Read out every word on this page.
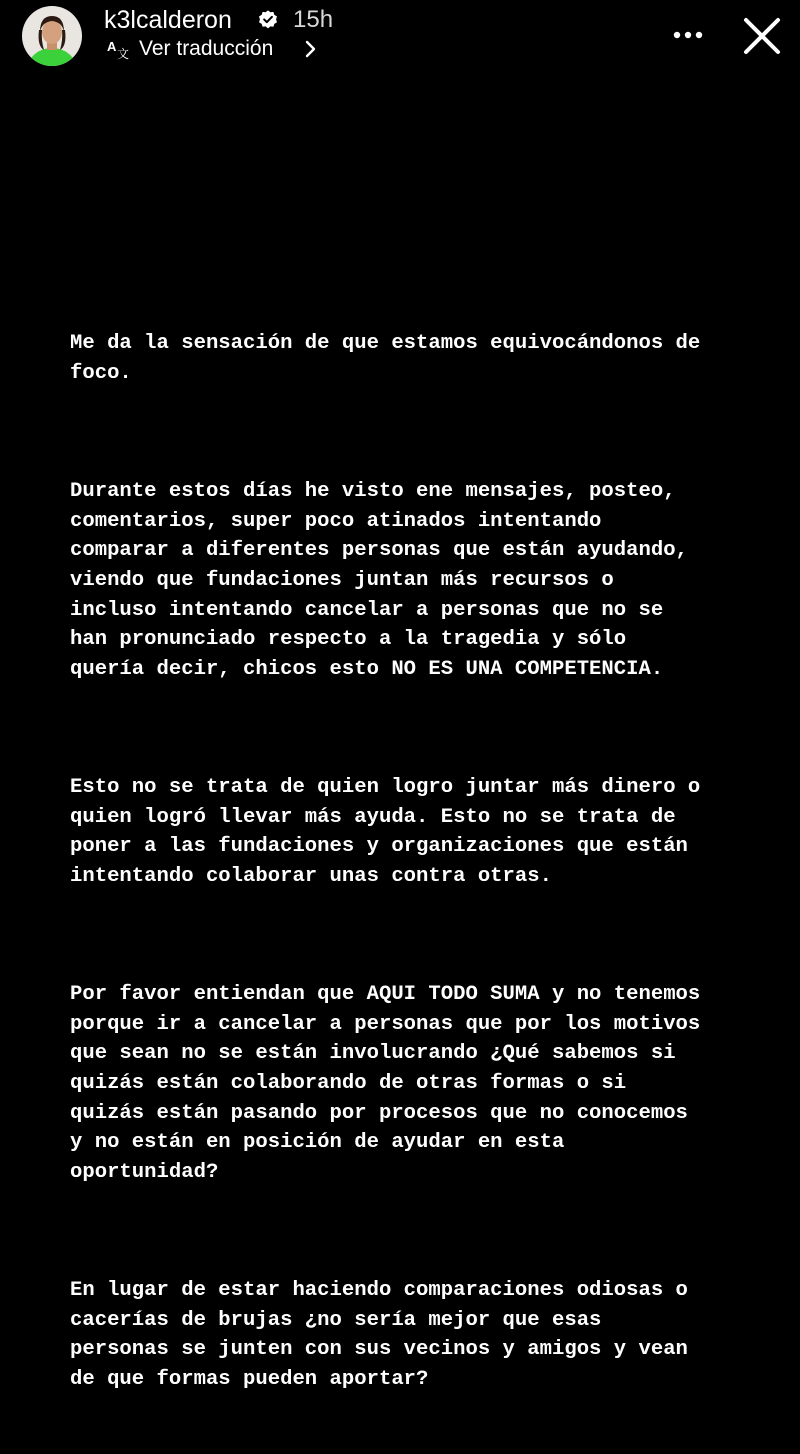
k3lcalderon	15h
A 文 Ver traducción

Me da la sensación de que estamos equivocándonos de
foco.

Durante estos días he visto ene mensajes, posteo,
comentarios, super poco atinados intentando
comparar a diferentes personas que están ayudando,
viendo que fundaciones juntan más recursos o
incluso intentando cancelar a personas que no se
han pronunciado respecto a la tragedia y sólo
quería decir, chicos esto NO ES UNA COMPETENCIA.

Esto no se trata de quien logro juntar más dinero o
quien logró llevar más ayuda. Esto no se trata de
poner a las fundaciones y organizaciones que están
intentando colaborar unas contra otras.

Por favor entiendan que AQUI TODO SUMA y no tenemos
porque ir a cancelar a personas que por los motivos
que sean no se están involucrando ¿Qué sabemos si
quizás están colaborando de otras formas o si
quizás están pasando por procesos que no conocemos
y no están en posición de ayudar en esta
oportunidad?

En lugar de estar haciendo comparaciones odiosas o
cacerías de brujas ¿no sería mejor que esas
personas se junten con sus vecinos y amigos y vean
de que formas pueden aportar?
